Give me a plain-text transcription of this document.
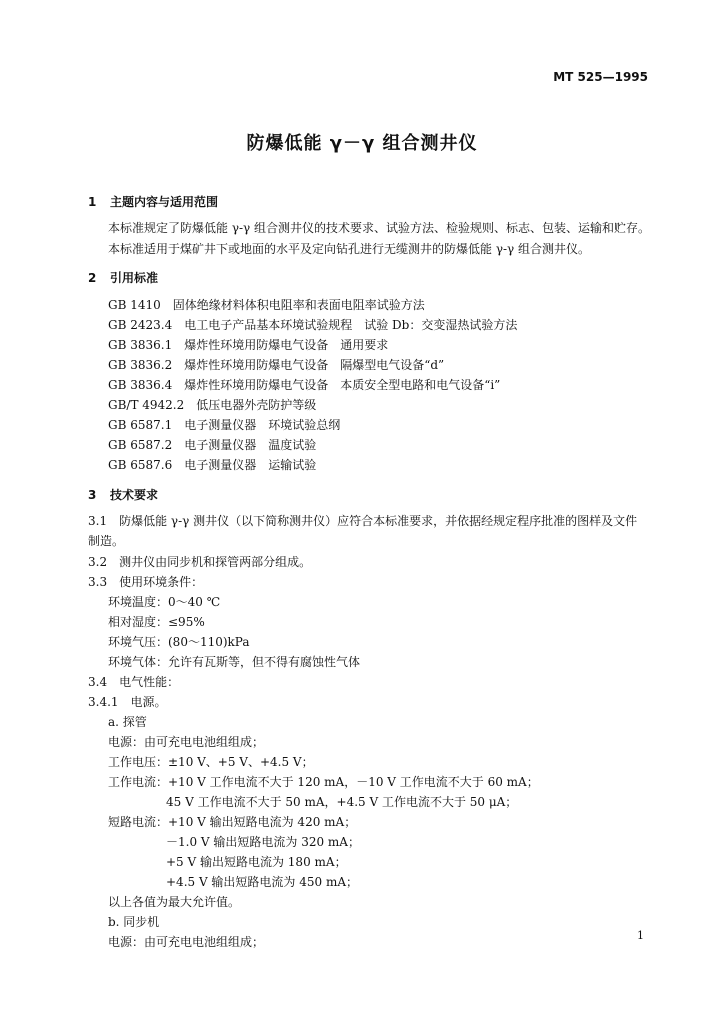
MT 525—1995
防爆低能 γ－γ 组合测井仪
1 主题内容与适用范围
本标准规定了防爆低能 γ-γ 组合测井仪的技术要求、试验方法、检验规则、标志、包装、运输和贮存。
本标准适用于煤矿井下或地面的水平及定向钻孔进行无缆测井的防爆低能 γ-γ 组合测井仪。
2 引用标准
GB 1410　固体绝缘材料体积电阻率和表面电阻率试验方法
GB 2423.4　电工电子产品基本环境试验规程　试验 Db：交变湿热试验方法
GB 3836.1　爆炸性环境用防爆电气设备　通用要求
GB 3836.2　爆炸性环境用防爆电气设备　隔爆型电气设备“d”
GB 3836.4　爆炸性环境用防爆电气设备　本质安全型电路和电气设备“i”
GB/T 4942.2　低压电器外壳防护等级
GB 6587.1　电子测量仪器　环境试验总纲
GB 6587.2　电子测量仪器　温度试验
GB 6587.6　电子测量仪器　运输试验
3 技术要求
3.1　防爆低能 γ-γ 测井仪（以下简称测井仪）应符合本标准要求，并依据经规定程序批准的图样及文件
制造。
3.2　测井仪由同步机和探管两部分组成。
3.3　使用环境条件：
环境温度：0～40 ℃
相对湿度：≤95%
环境气压：(80～110)kPa
环境气体：允许有瓦斯等，但不得有腐蚀性气体
3.4　电气性能：
3.4.1　电源。
a. 探管
电源：由可充电电池组组成；
工作电压：±10 V、+5 V、+4.5 V；
工作电流：+10 V 工作电流不大于 120 mA，－10 V 工作电流不大于 60 mA；
45 V 工作电流不大于 50 mA，+4.5 V 工作电流不大于 50 μA；
短路电流：+10 V 输出短路电流为 420 mA；
－1.0 V 输出短路电流为 320 mA；
+5 V 输出短路电流为 180 mA；
+4.5 V 输出短路电流为 450 mA；
以上各值为最大允许值。
b. 同步机
电源：由可充电电池组组成；	1
